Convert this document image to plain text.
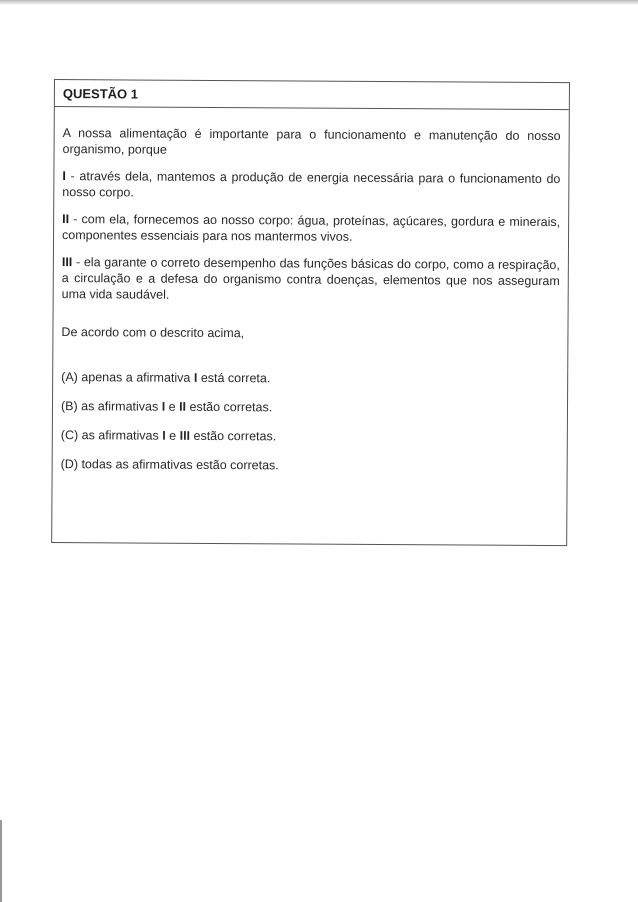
QUESTÃO 1

A nossa alimentação é importante para o funcionamento e manutenção do nosso organismo, porque

I - através dela, mantemos a produção de energia necessária para o funcionamento do nosso corpo.

II - com ela, fornecemos ao nosso corpo: água, proteínas, açúcares, gordura e minerais, componentes essenciais para nos mantermos vivos.

III - ela garante o correto desempenho das funções básicas do corpo, como a respiração, a circulação e a defesa do organismo contra doenças, elementos que nos asseguram uma vida saudável.

De acordo com o descrito acima,

(A) apenas a afirmativa I está correta.

(B) as afirmativas I e II estão corretas.

(C) as afirmativas I e III estão corretas.

(D) todas as afirmativas estão corretas.
